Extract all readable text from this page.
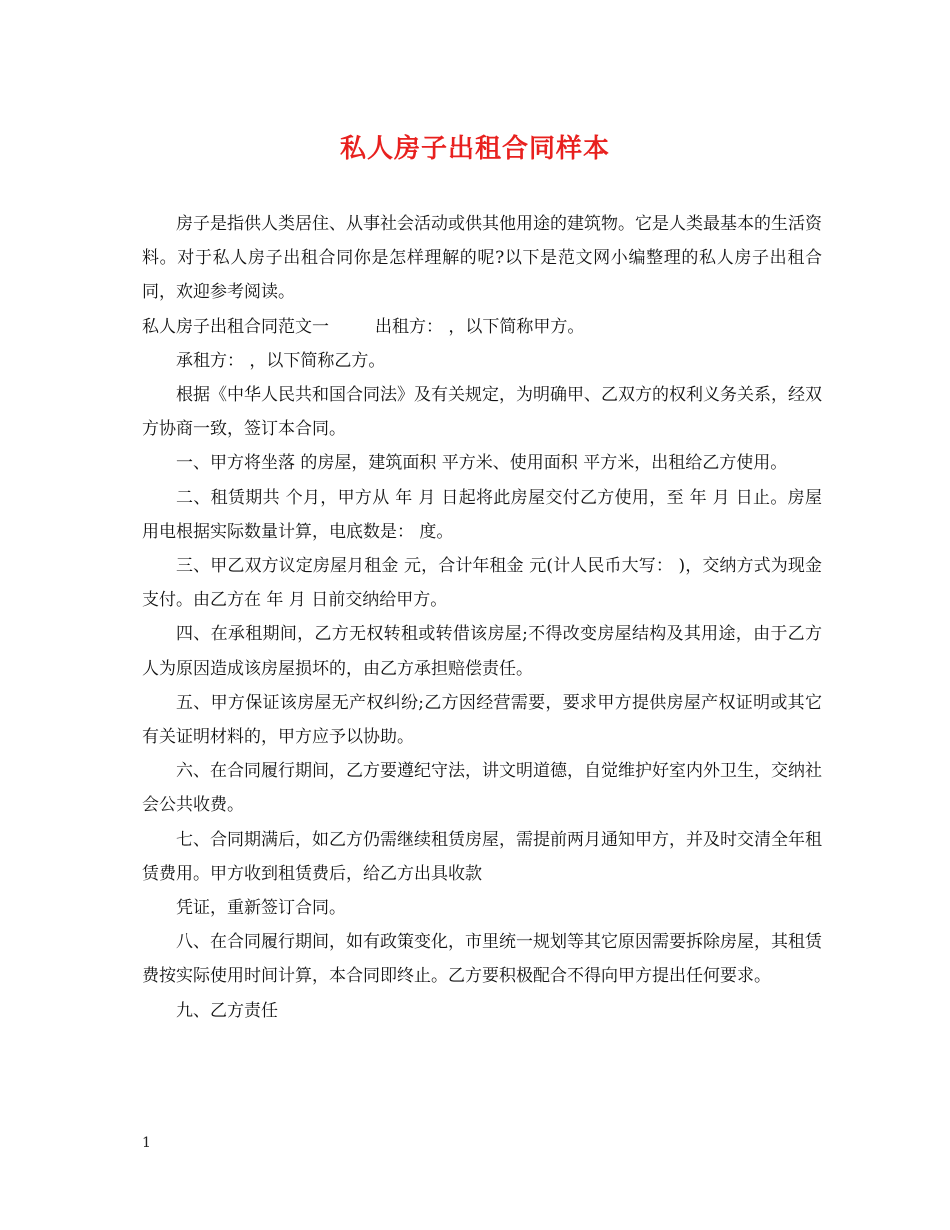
私人房子出租合同样本

房子是指供人类居住、从事社会活动或供其他用途的建筑物。它是人类最基本的生活资料。对于私人房子出租合同你是怎样理解的呢?以下是范文网小编整理的私人房子出租合同，欢迎参考阅读。

私人房子出租合同范文一	出租方： ，以下简称甲方。

承租方： ，以下简称乙方。

根据《中华人民共和国合同法》及有关规定，为明确甲、乙双方的权利义务关系，经双方协商一致，签订本合同。

一、甲方将坐落 的房屋，建筑面积 平方米、使用面积 平方米，出租给乙方使用。

二、租赁期共 个月，甲方从 年 月 日起将此房屋交付乙方使用，至 年 月 日止。房屋用电根据实际数量计算，电底数是： 度。

三、甲乙双方议定房屋月租金 元，合计年租金 元(计人民币大写： )，交纳方式为现金支付。由乙方在 年 月 日前交纳给甲方。

四、在承租期间，乙方无权转租或转借该房屋;不得改变房屋结构及其用途，由于乙方人为原因造成该房屋损坏的，由乙方承担赔偿责任。

五、甲方保证该房屋无产权纠纷;乙方因经营需要，要求甲方提供房屋产权证明或其它有关证明材料的，甲方应予以协助。

六、在合同履行期间，乙方要遵纪守法，讲文明道德，自觉维护好室内外卫生，交纳社会公共收费。

七、合同期满后，如乙方仍需继续租赁房屋，需提前两月通知甲方，并及时交清全年租赁费用。甲方收到租赁费后，给乙方出具收款

凭证，重新签订合同。

八、在合同履行期间，如有政策变化，市里统一规划等其它原因需要拆除房屋，其租赁费按实际使用时间计算，本合同即终止。乙方要积极配合不得向甲方提出任何要求。

九、乙方责任

1
